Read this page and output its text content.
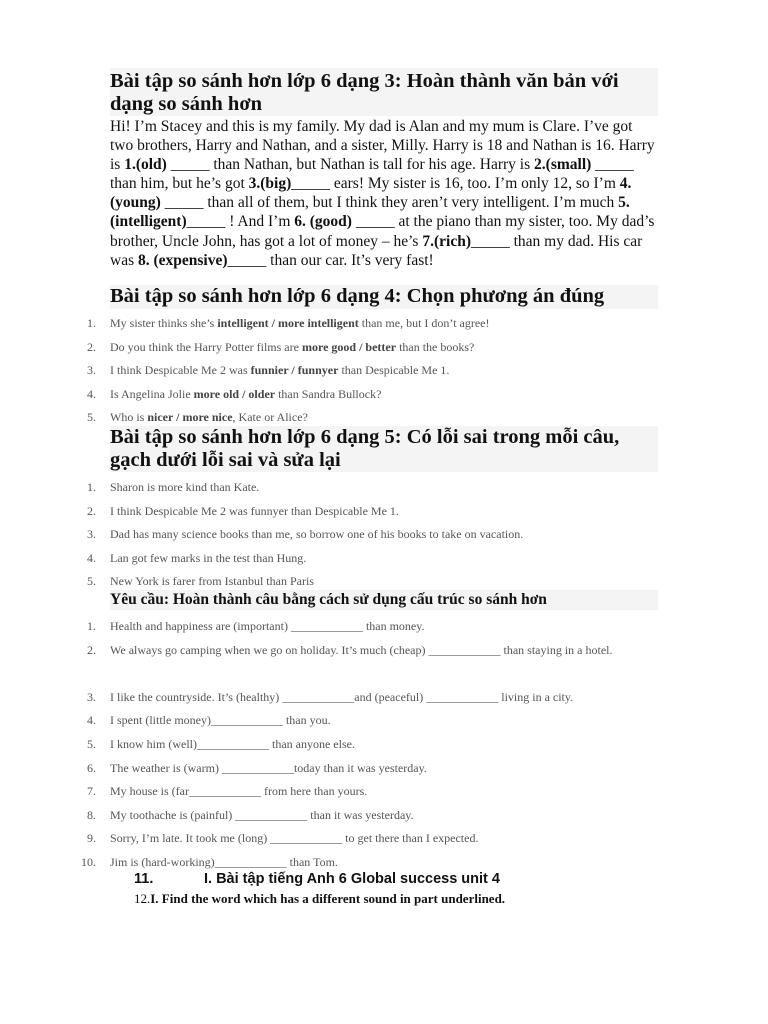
Bài tập so sánh hơn lớp 6 dạng 3: Hoàn thành văn bản với dạng so sánh hơn
Hi! I’m Stacey and this is my family. My dad is Alan and my mum is Clare. I’ve got two brothers, Harry and Nathan, and a sister, Milly. Harry is 18 and Nathan is 16. Harry is 1.(old) _____ than Nathan, but Nathan is tall for his age. Harry is 2.(small) _____ than him, but he’s got 3.(big)_____ ears! My sister is 16, too. I’m only 12, so I’m 4.(young) _____ than all of them, but I think they aren’t very intelligent. I’m much 5.(intelligent)_____ ! And I’m 6. (good) _____ at the piano than my sister, too. My dad’s brother, Uncle John, has got a lot of money – he’s 7.(rich)_____ than my dad. His car was 8. (expensive)_____ than our car. It’s very fast!
Bài tập so sánh hơn lớp 6 dạng 4: Chọn phương án đúng
1. My sister thinks she’s intelligent / more intelligent than me, but I don’t agree!
2. Do you think the Harry Potter films are more good / better than the books?
3. I think Despicable Me 2 was funnier / funnyer than Despicable Me 1.
4. Is Angelina Jolie more old / older than Sandra Bullock?
5. Who is nicer / more nice, Kate or Alice?
Bài tập so sánh hơn lớp 6 dạng 5: Có lỗi sai trong mỗi câu, gạch dưới lỗi sai và sửa lại
1. Sharon is more kind than Kate.
2. I think Despicable Me 2 was funnyer than Despicable Me 1.
3. Dad has many science books than me, so borrow one of his books to take on vacation.
4. Lan got few marks in the test than Hung.
5. New York is farer from Istanbul than Paris
Yêu cầu: Hoàn thành câu bằng cách sử dụng cấu trúc so sánh hơn
1. Health and happiness are (important) ____________ than money.
2. We always go camping when we go on holiday. It’s much (cheap) ____________ than staying in a hotel.
3. I like the countryside. It’s (healthy) ____________and (peaceful) ____________ living in a city.
4. I spent (little money)____________ than you.
5. I know him (well)____________ than anyone else.
6. The weather is (warm) ____________today than it was yesterday.
7. My house is (far____________ from here than yours.
8. My toothache is (painful) ____________ than it was yesterday.
9. Sorry, I’m late. It took me (long) ____________ to get there than I expected.
10. Jim is (hard-working)____________ than Tom.
11.	I. Bài tập tiếng Anh 6 Global success unit 4
12.I. Find the word which has a different sound in part underlined.
